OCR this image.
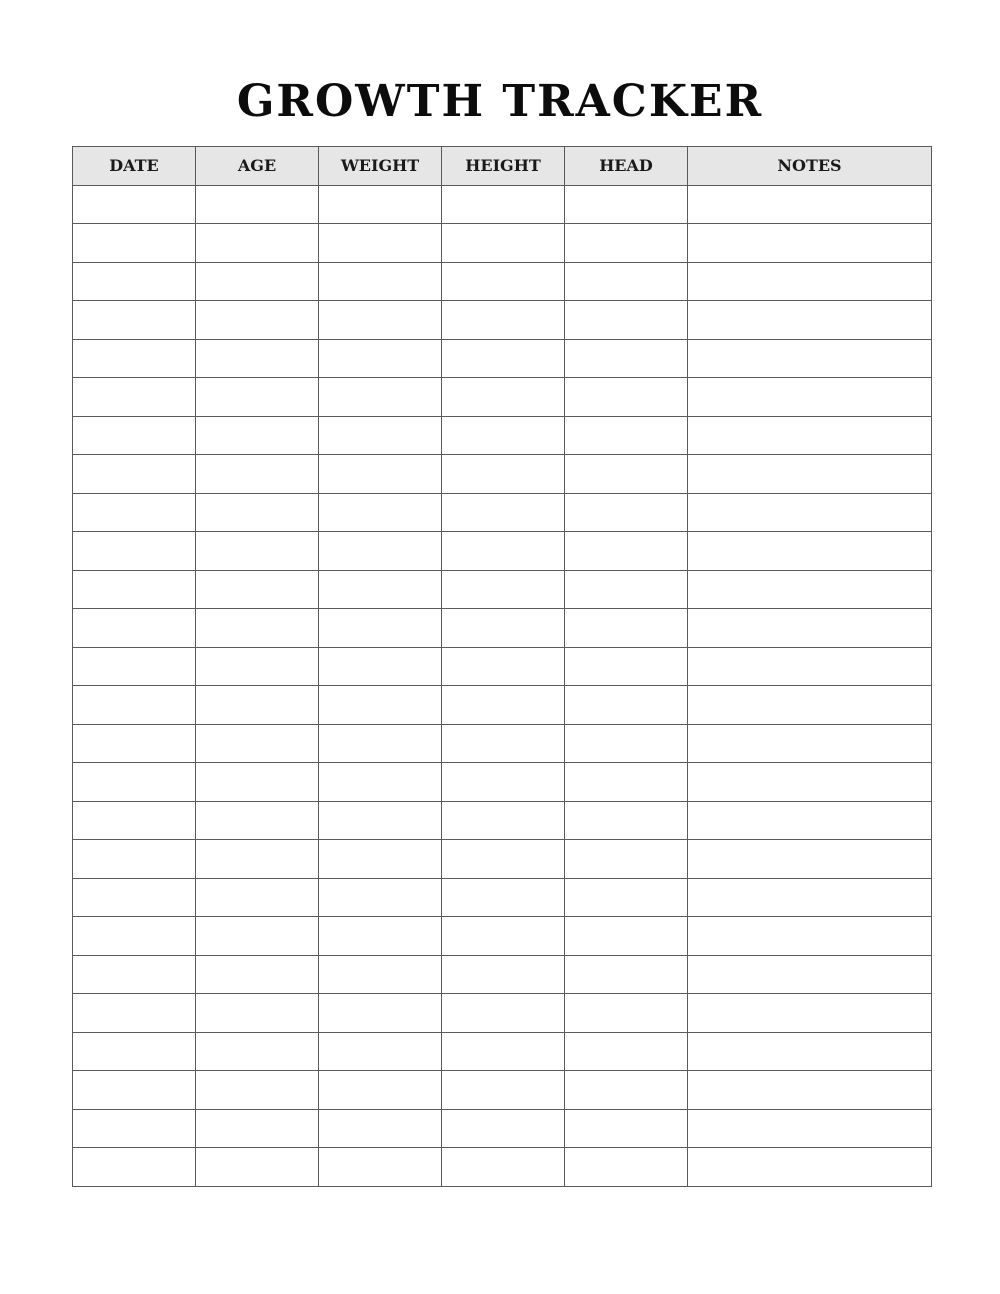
GROWTH TRACKER
DATE	AGE	WEIGHT	HEIGHT	HEAD	NOTES
